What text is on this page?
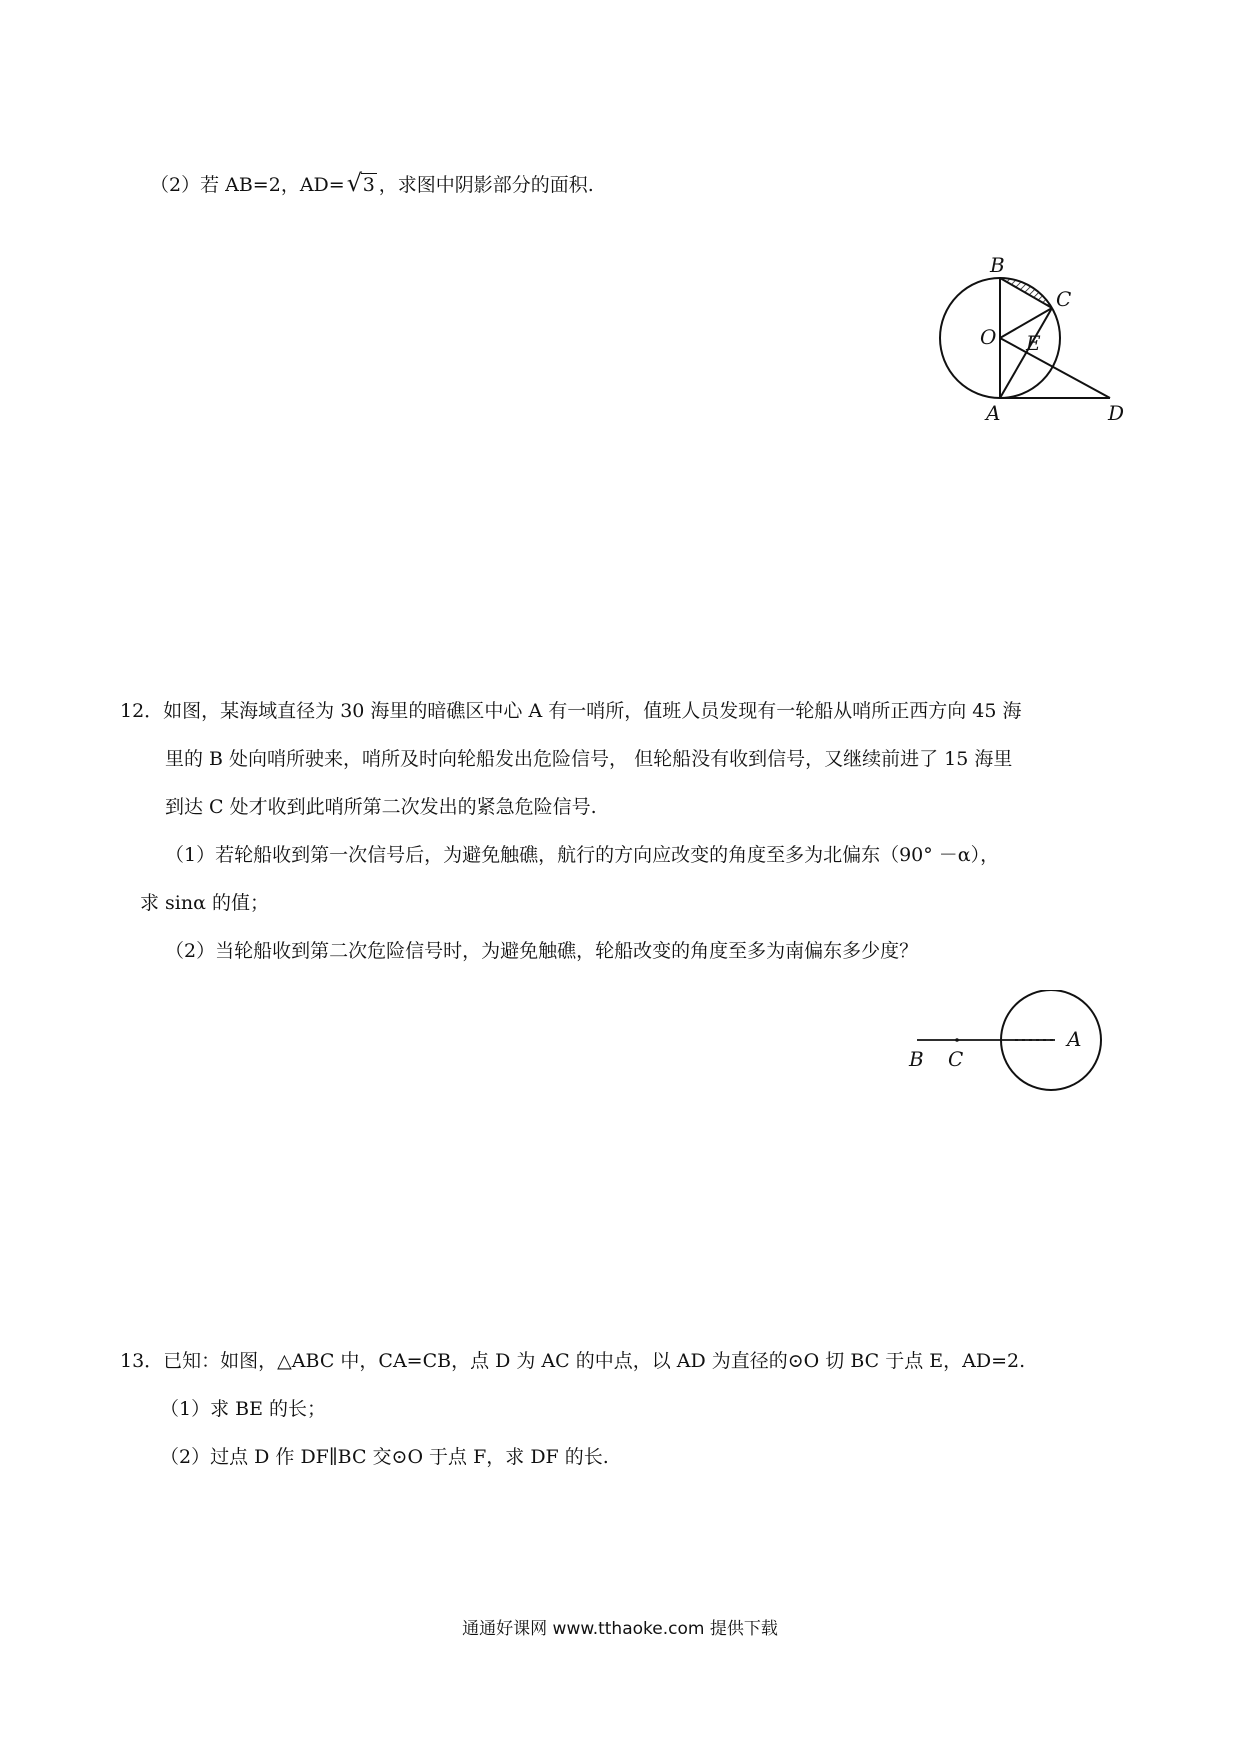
（2）若 AB=2，AD= √ 3 ，求图中阴影部分的面积.
B
C
O E
A	D
12．如图，某海域直径为 30 海里的暗礁区中心 A 有一哨所，值班人员发现有一轮船从哨所正西方向 45 海
里的 B 处向哨所驶来，哨所及时向轮船发出危险信号， 但轮船没有收到信号，又继续前进了 15 海里
到达 C 处才收到此哨所第二次发出的紧急危险信号.
（1）若轮船收到第一次信号后，为避免触礁，航行的方向应改变的角度至多为北偏东（90° －α），
求 sinα 的值；
（2）当轮船收到第二次危险信号时，为避免触礁，轮船改变的角度至多为南偏东多少度？
B C
A
13．已知：如图，△ABC 中，CA=CB，点 D 为 AC 的中点，以 AD 为直径的⊙O 切 BC 于点 E，AD=2.
（1）求 BE 的长；
（2）过点 D 作 DF∥BC 交⊙O 于点 F，求 DF 的长.
通通好课网 www.tthaoke.com 提供下载
